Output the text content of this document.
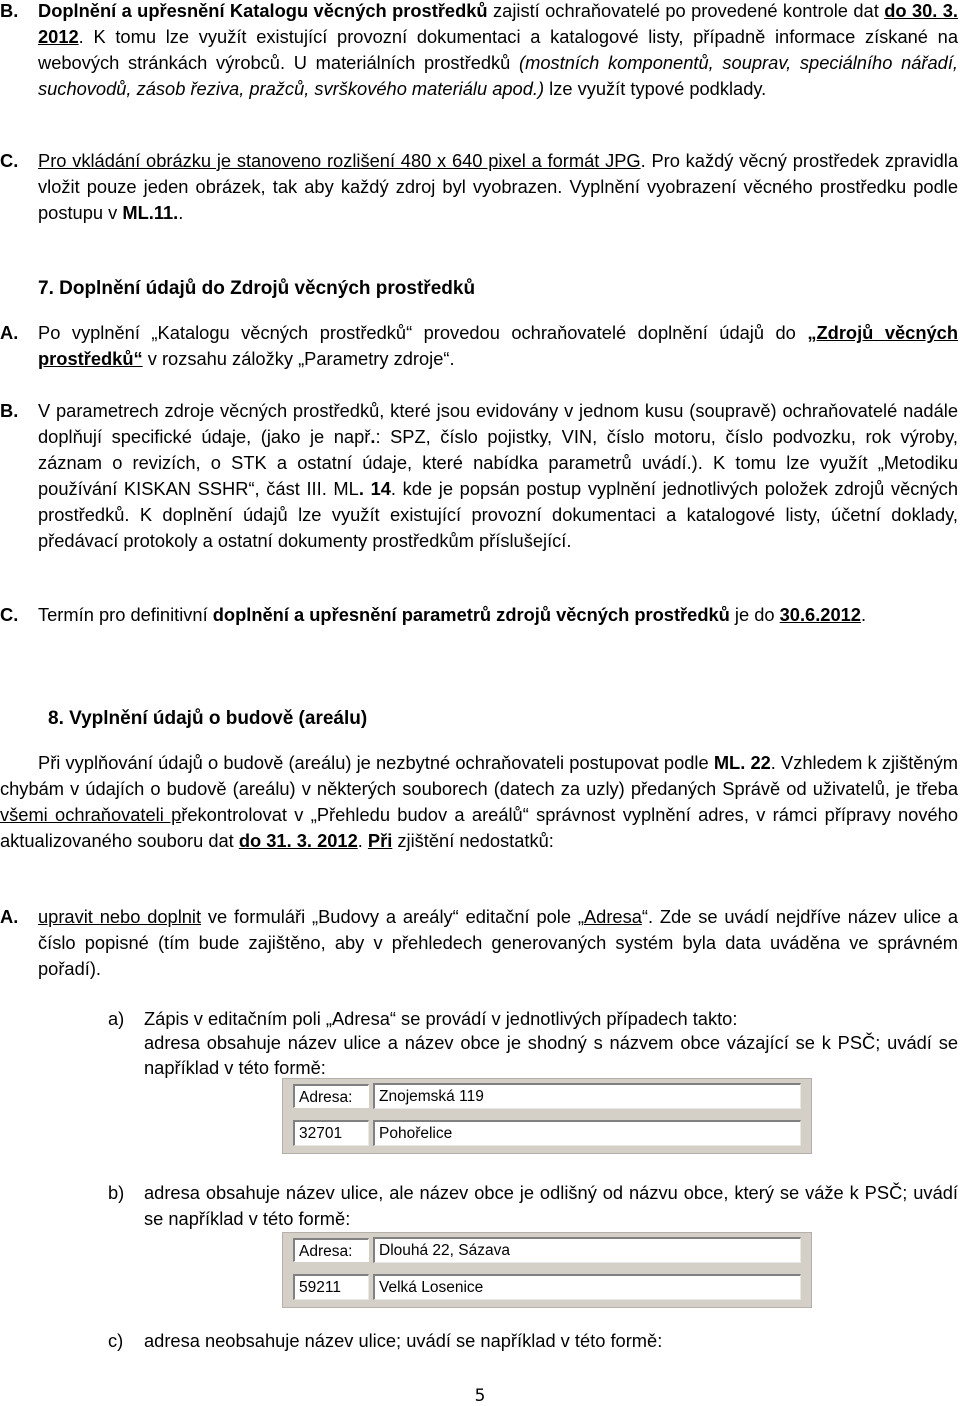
B. Doplnění a upřesnění Katalogu věcných prostředků zajistí ochraňovatelé po provedené kontrole dat do 30. 3. 2012. K tomu lze využít existující provozní dokumentaci a katalogové listy, případně informace získané na webových stránkách výrobců. U materiálních prostředků (mostních komponentů, souprav, speciálního nářadí, suchovodů, zásob řeziva, pražců, svrškového materiálu apod.) lze využít typové podklady.
C. Pro vkládání obrázku je stanoveno rozlišení 480 x 640 pixel a formát JPG. Pro každý věcný prostředek zpravidla vložit pouze jeden obrázek, tak aby každý zdroj byl vyobrazen. Vyplnění vyobrazení věcného prostředku podle postupu v ML.11..
7. Doplnění údajů do Zdrojů věcných prostředků
A. Po vyplnění „Katalogu věcných prostředků“ provedou ochraňovatelé doplnění údajů do „Zdrojů věcných prostředků“ v rozsahu záložky „Parametry zdroje“.
B. V parametrech zdroje věcných prostředků, které jsou evidovány v jednom kusu (soupravě) ochraňovatelé nadále doplňují specifické údaje, (jako je např.: SPZ, číslo pojistky, VIN, číslo motoru, číslo podvozku, rok výroby, záznam o revizích, o STK a ostatní údaje, které nabídka parametrů uvádí.). K tomu lze využít „Metodiku používání KISKAN SSHR“, část III. ML. 14. kde je popsán postup vyplnění jednotlivých položek zdrojů věcných prostředků. K doplnění údajů lze využít existující provozní dokumentaci a katalogové listy, účetní doklady, předávací protokoly a ostatní dokumenty prostředkům příslušející.
C. Termín pro definitivní doplnění a upřesnění parametrů zdrojů věcných prostředků je do 30.6.2012.
8. Vyplnění údajů o budově (areálu)
Při vyplňování údajů o budově (areálu) je nezbytné ochraňovateli postupovat podle ML. 22. Vzhledem k zjištěným chybám v údajích o budově (areálu) v některých souborech (datech za uzly) předaných Správě od uživatelů, je třeba všemi ochraňovateli překontrolovat v „Přehledu budov a areálů“ správnost vyplnění adres, v rámci přípravy nového aktualizovaného souboru dat do 31. 3. 2012. Při zjištění nedostatků:
A. upravit nebo doplnit ve formuláři „Budovy a areály“ editační pole „Adresa“. Zde se uvádí nejdříve název ulice a číslo popisné (tím bude zajištěno, aby v přehledech generovaných systém byla data uváděna ve správném pořadí).
a) Zápis v editačním poli „Adresa“ se provádí v jednotlivých případech takto:
adresa obsahuje název ulice a název obce je shodný s názvem obce vázající se k PSČ; uvádí se například v této formě:
Adresa:	Znojemská 119
32701	Pohořelice
b) adresa obsahuje název ulice, ale název obce je odlišný od názvu obce, který se váže k PSČ; uvádí se například v této formě:
Adresa:	Dlouhá 22, Sázava
59211	Velká Losenice
c) adresa neobsahuje název ulice; uvádí se například v této formě:
5
